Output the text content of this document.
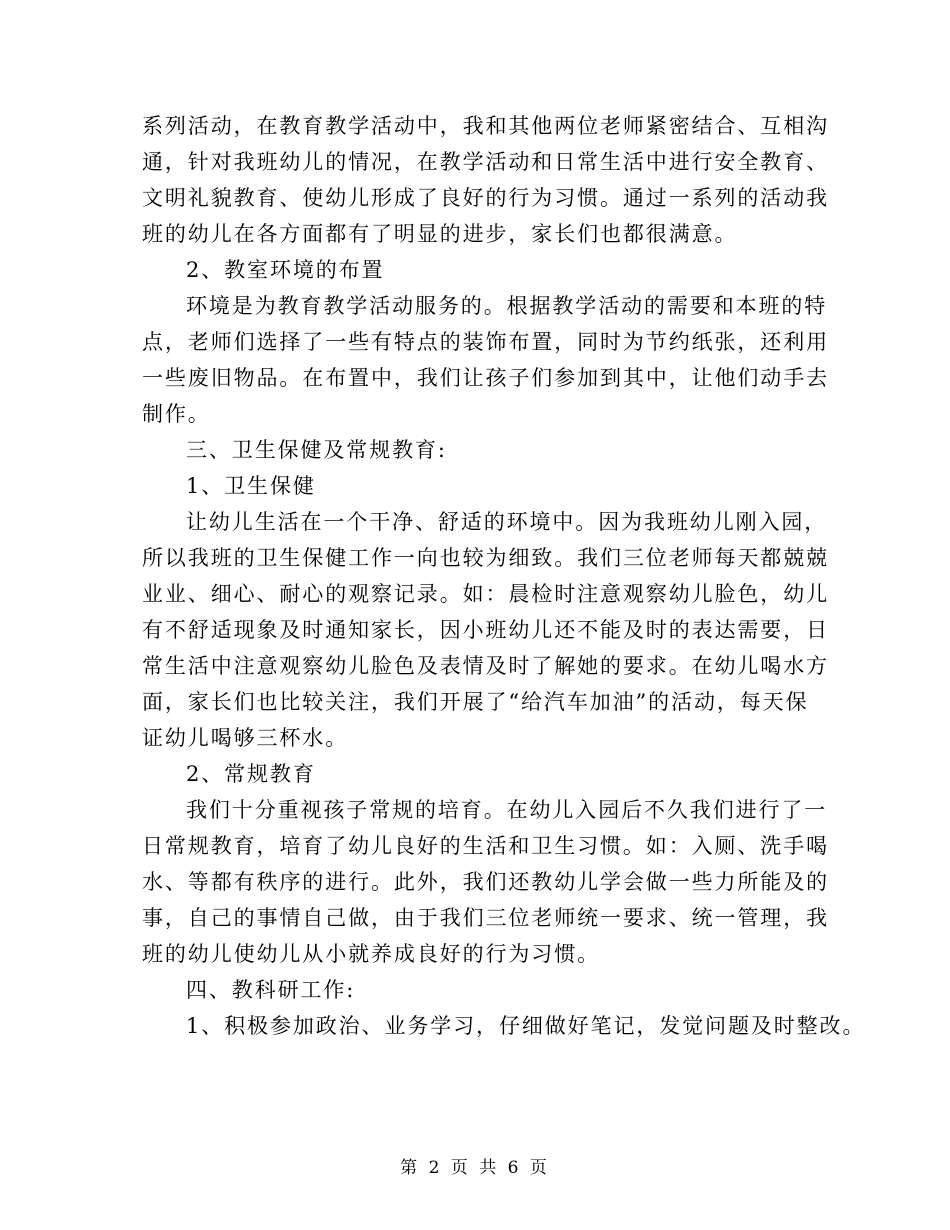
系列活动，在教育教学活动中，我和其他两位老师紧密结合、互相沟
通，针对我班幼儿的情况，在教学活动和日常生活中进行安全教育、
文明礼貌教育、使幼儿形成了良好的行为习惯。通过一系列的活动我
班的幼儿在各方面都有了明显的进步，家长们也都很满意。
2、教室环境的布置
环境是为教育教学活动服务的。根据教学活动的需要和本班的特
点，老师们选择了一些有特点的装饰布置，同时为节约纸张，还利用
一些废旧物品。在布置中，我们让孩子们参加到其中，让他们动手去
制作。
三、卫生保健及常规教育:
1、卫生保健
让幼儿生活在一个干净、舒适的环境中。因为我班幼儿刚入园，
所以我班的卫生保健工作一向也较为细致。我们三位老师每天都兢兢
业业、细心、耐心的观察记录。如：晨检时注意观察幼儿脸色，幼儿
有不舒适现象及时通知家长，因小班幼儿还不能及时的表达需要，日
常生活中注意观察幼儿脸色及表情及时了解她的要求。在幼儿喝水方
面，家长们也比较关注，我们开展了“给汽车加油”的活动，每天保
证幼儿喝够三杯水。
2、常规教育
我们十分重视孩子常规的培育。在幼儿入园后不久我们进行了一
日常规教育，培育了幼儿良好的生活和卫生习惯。如：入厕、洗手喝
水、等都有秩序的进行。此外，我们还教幼儿学会做一些力所能及的
事，自己的事情自己做，由于我们三位老师统一要求、统一管理，我
班的幼儿使幼儿从小就养成良好的行为习惯。
四、教科研工作:
1、积极参加政治、业务学习，仔细做好笔记，发觉问题及时整改。
第 2 页 共 6 页
